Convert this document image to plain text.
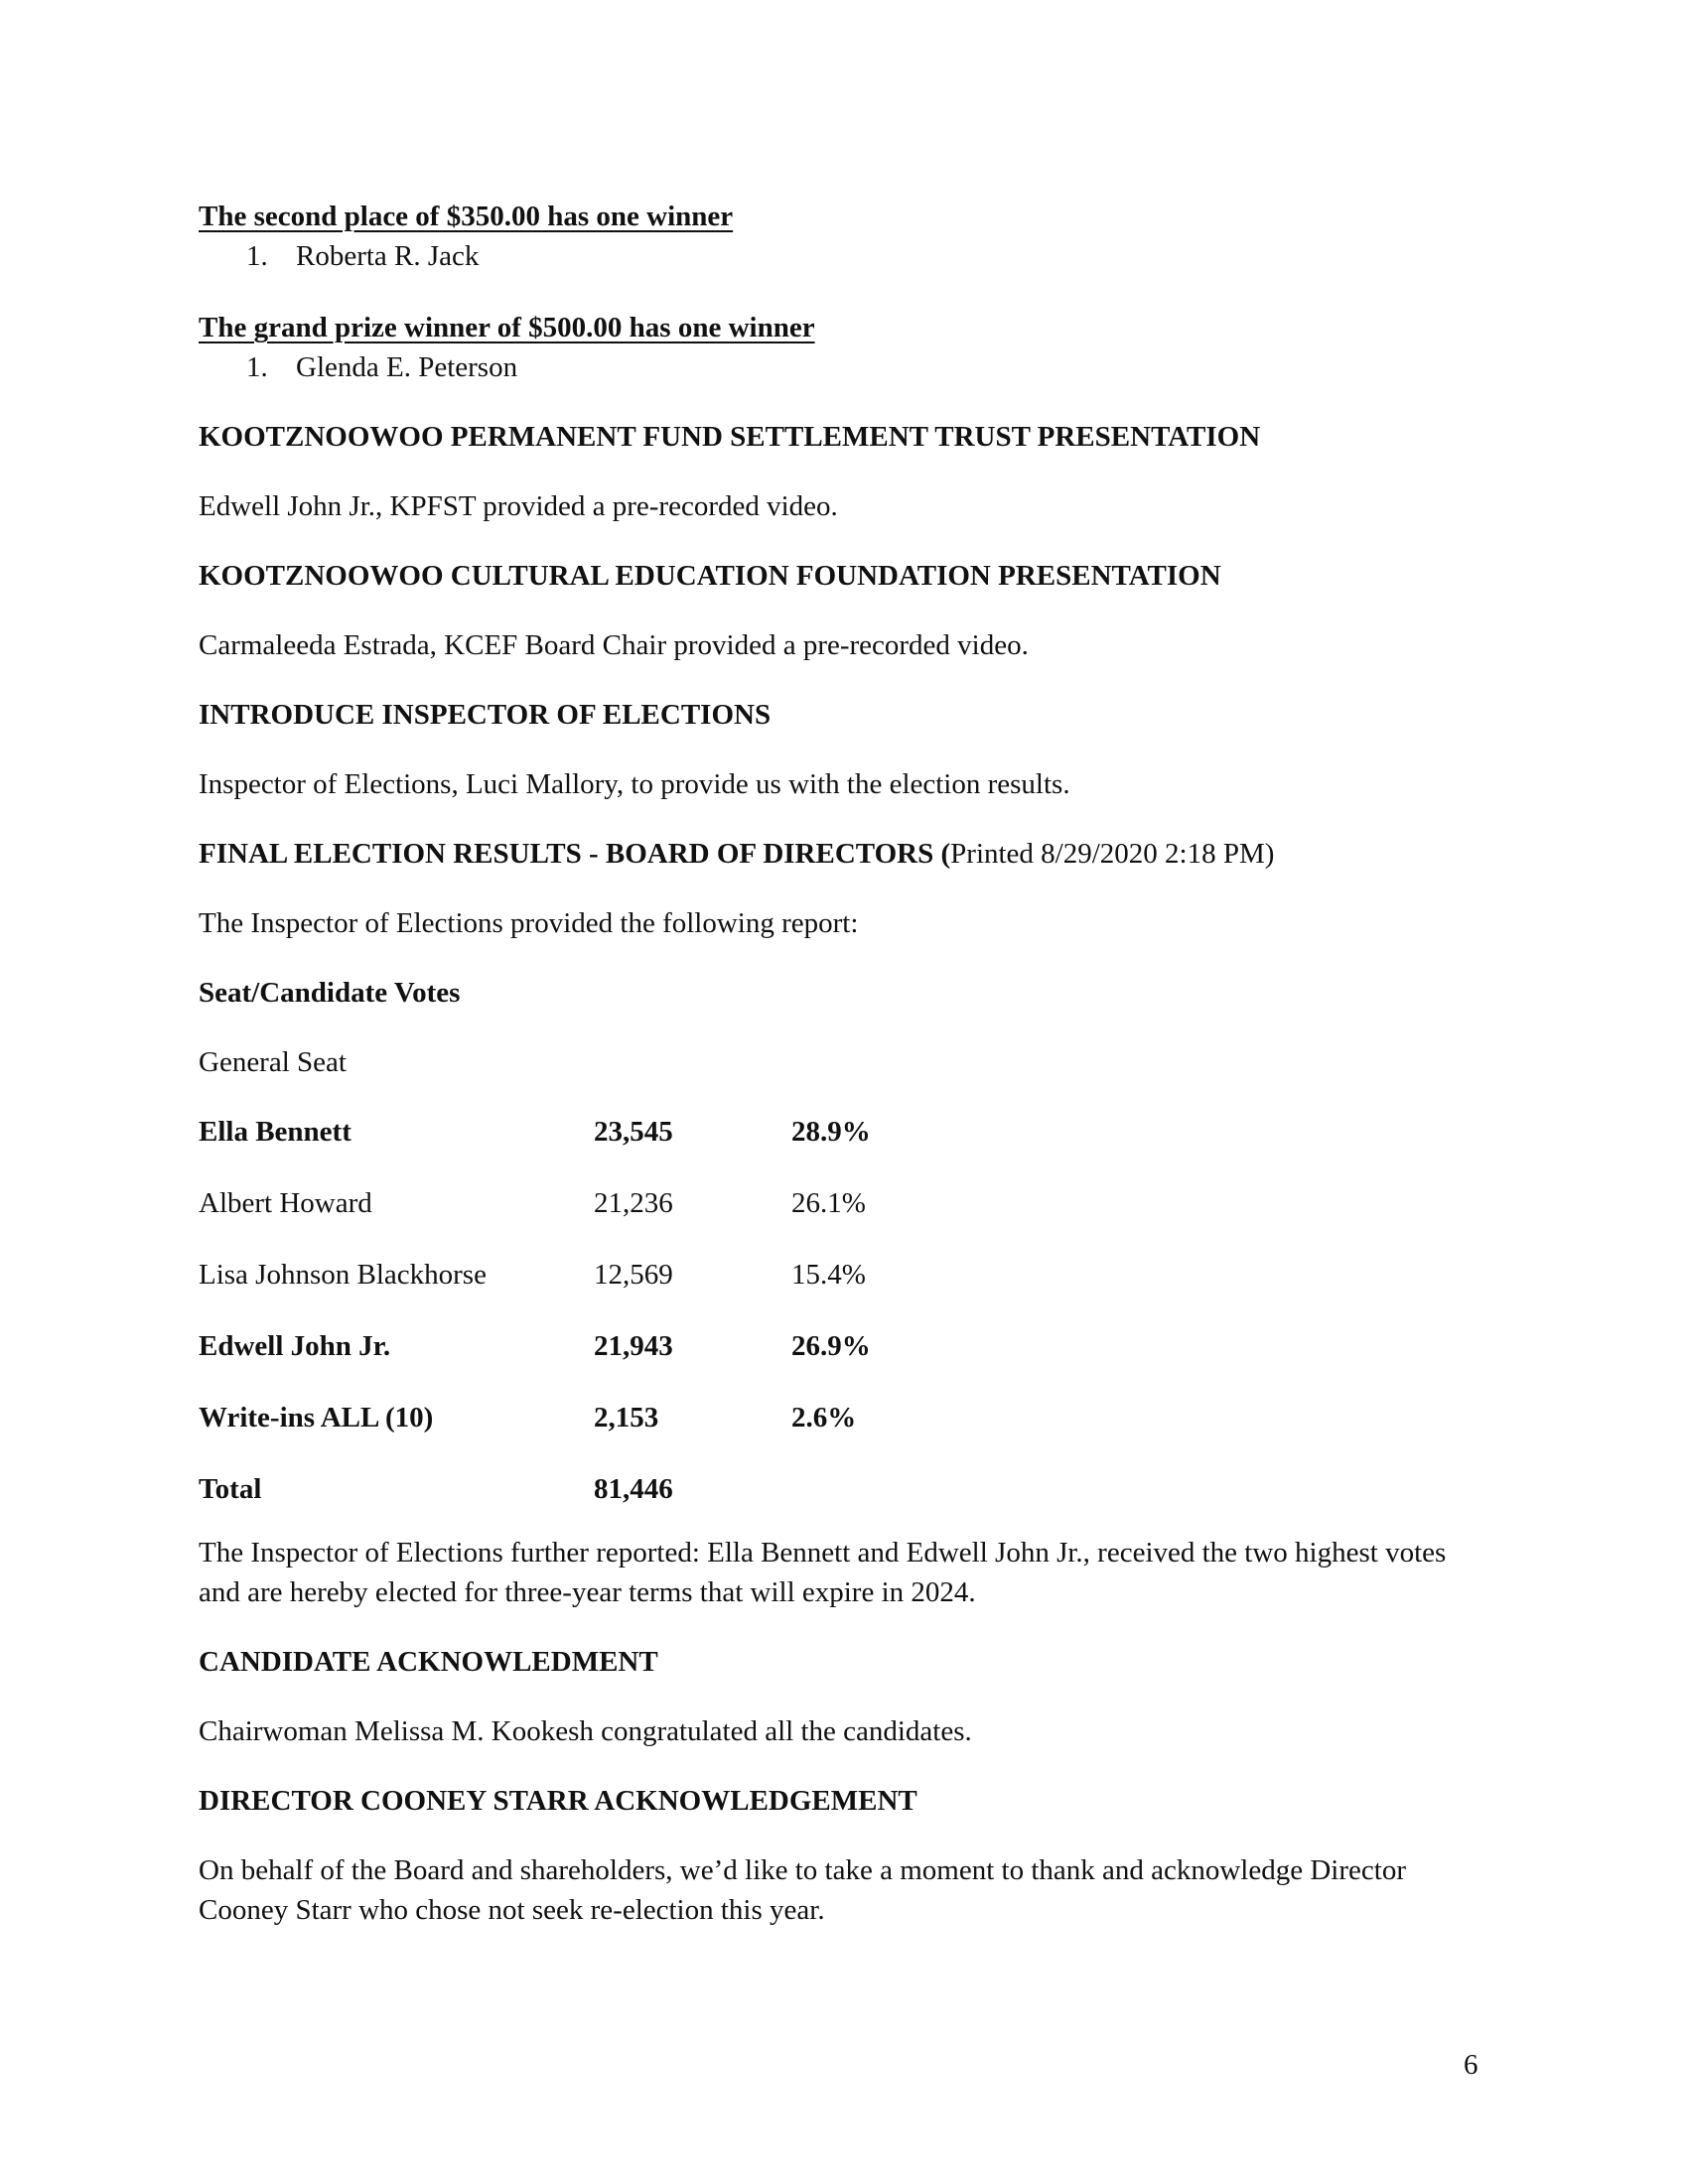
The second place of $350.00 has one winner

1. Roberta R. Jack

The grand prize winner of $500.00 has one winner

1. Glenda E. Peterson

KOOTZNOOWOO PERMANENT FUND SETTLEMENT TRUST PRESENTATION

Edwell John Jr., KPFST provided a pre-recorded video.

KOOTZNOOWOO CULTURAL EDUCATION FOUNDATION PRESENTATION

Carmaleeda Estrada, KCEF Board Chair provided a pre-recorded video.

INTRODUCE INSPECTOR OF ELECTIONS

Inspector of Elections, Luci Mallory, to provide us with the election results.

FINAL ELECTION RESULTS - BOARD OF DIRECTORS (Printed 8/29/2020 2:18 PM)

The Inspector of Elections provided the following report:

Seat/Candidate Votes

General Seat

Ella Bennett	23,545	28.9%
Albert Howard	21,236	26.1%
Lisa Johnson Blackhorse	12,569	15.4%
Edwell John Jr.	21,943	26.9%
Write-ins ALL (10)	2,153	2.6%
Total	81,446	

The Inspector of Elections further reported: Ella Bennett and Edwell John Jr., received the two highest votes and are hereby elected for three-year terms that will expire in 2024.

CANDIDATE ACKNOWLEDMENT

Chairwoman Melissa M. Kookesh congratulated all the candidates.

DIRECTOR COONEY STARR ACKNOWLEDGEMENT

On behalf of the Board and shareholders, we’d like to take a moment to thank and acknowledge Director Cooney Starr who chose not seek re-election this year.

6
